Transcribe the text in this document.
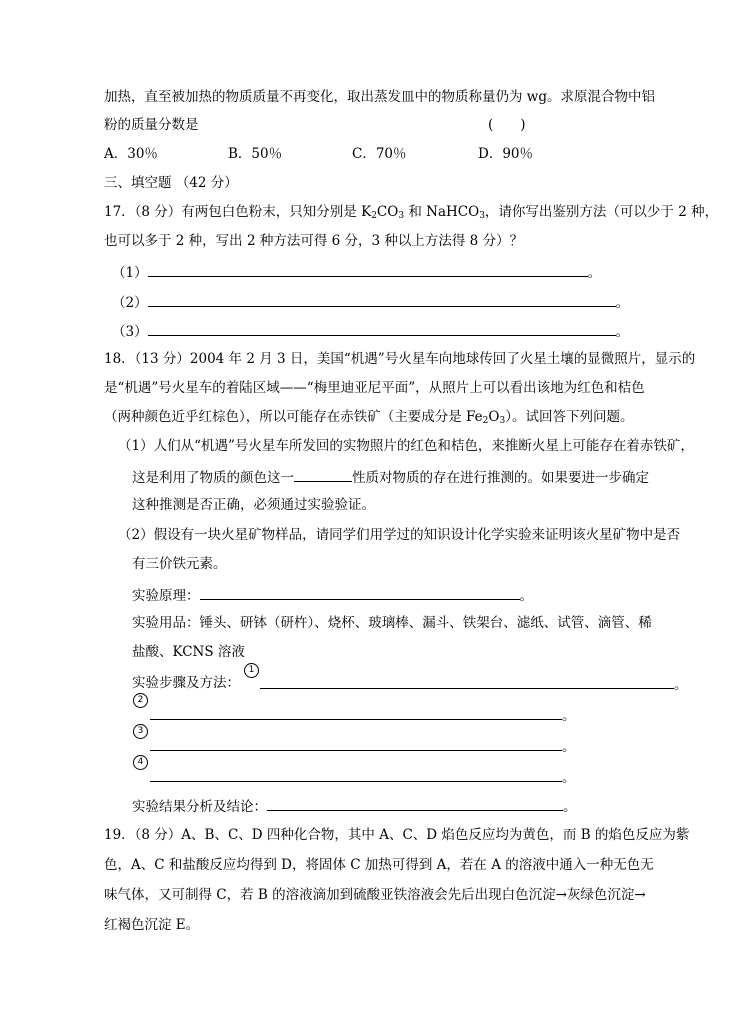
加热，直至被加热的物质质量不再变化，取出蒸发皿中的物质称量仍为 wg。求原混合物中铝
粉的质量分数是	(　　)
A．30％	B．50％	C．70％	D．90％
三、填空题 （42 分）
17．（8 分）有两包白色粉末，只知分别是 $K_2CO_3$ 和 NaHCO$_3$，请你写出鉴别方法（可以少于 2 种，
也可以多于 2 种，写出 2 种方法可得 6 分，3 种以上方法得 8 分）？
（1）	。
（2）	。
（3）	。
18．（13 分）2004 年 2 月 3 日，美国“机遇”号火星车向地球传回了火星土壤的显微照片，显示的
是“机遇”号火星车的着陆区域——“梅里迪亚尼平面”，从照片上可以看出该地为红色和桔色
（两种颜色近乎红棕色），所以可能存在赤铁矿（主要成分是 $Fe_2O_3$）。试回答下列问题。
（1）人们从“机遇”号火星车所发回的实物照片的红色和桔色，来推断火星上可能存在着赤铁矿，
这是利用了物质的颜色这一	性质对物质的存在进行推测的。如果要进一步确定
这种推测是否正确，必须通过实验验证。
（2）假设有一块火星矿物样品，请同学们用学过的知识设计化学实验来证明该火星矿物中是否
有三价铁元素。
实验原理：	。
实验用品：锤头、研钵（研杵）、烧杯、玻璃棒、漏斗、铁架台、滤纸、试管、滴管、稀
盐酸、KCNS 溶液
实验步骤及方法：
1
。
2
。
3
。
4
。
实验结果分析及结论：	。
19．（8 分）A、B、C、D 四种化合物，其中 A、C、D 焰色反应均为黄色，而 B 的焰色反应为紫
色，A、C 和盐酸反应均得到 D，将固体 C 加热可得到 A，若在 A 的溶液中通入一种无色无
味气体，又可制得 C，若 B 的溶液滴加到硫酸亚铁溶液会先后出现白色沉淀→灰绿色沉淀→
红褐色沉淀 E。
